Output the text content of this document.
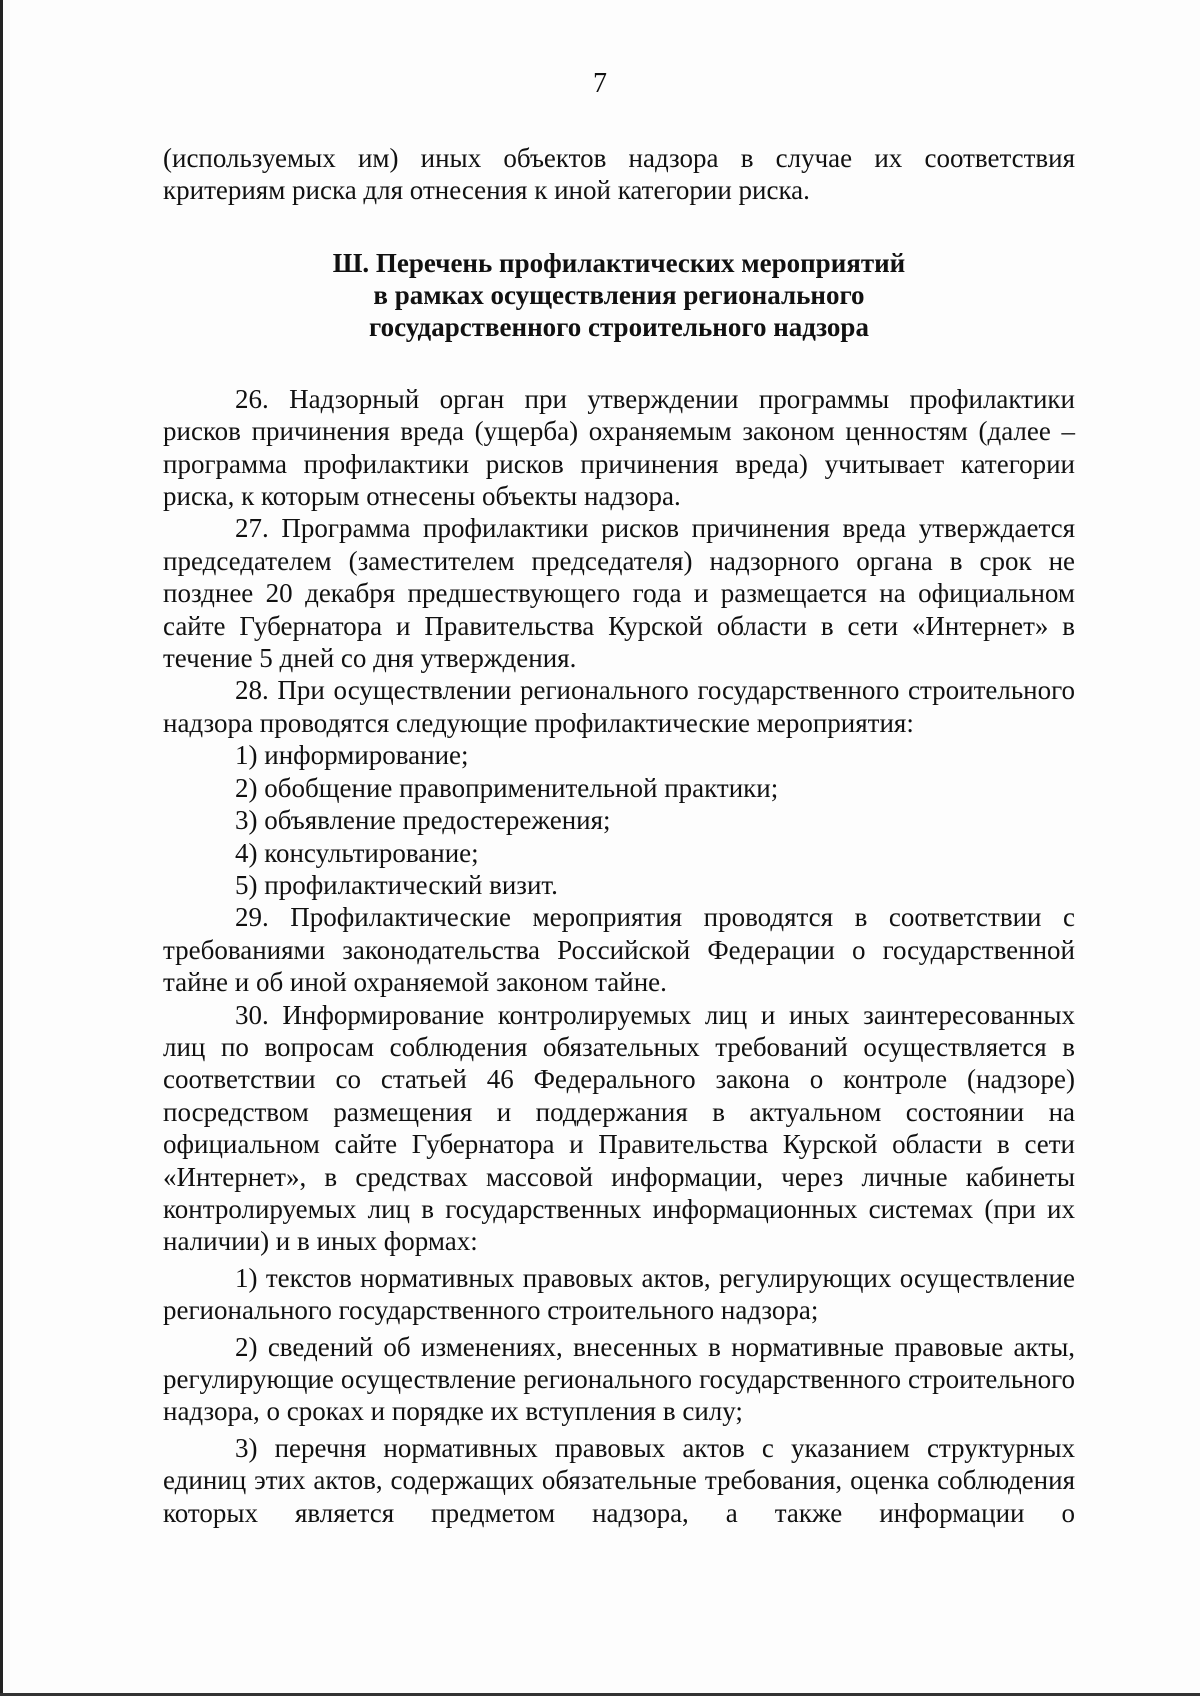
7

(используемых им) иных объектов надзора в случае их соответствия критериям риска для отнесения к иной категории риска.

Ш. Перечень профилактических мероприятий
в рамках осуществления регионального
государственного строительного надзора

26. Надзорный орган при утверждении программы профилактики рисков причинения вреда (ущерба) охраняемым законом ценностям (далее – программа профилактики рисков причинения вреда) учитывает категории риска, к которым отнесены объекты надзора.

27. Программа профилактики рисков причинения вреда утверждается председателем (заместителем председателя) надзорного органа в срок не позднее 20 декабря предшествующего года и размещается на официальном сайте Губернатора и Правительства Курской области в сети «Интернет» в течение 5 дней со дня утверждения.

28. При осуществлении регионального государственного строительного надзора проводятся следующие профилактические мероприятия:

1) информирование;

2) обобщение правоприменительной практики;

3) объявление предостережения;

4) консультирование;

5) профилактический визит.

29. Профилактические мероприятия проводятся в соответствии с требованиями законодательства Российской Федерации о государственной тайне и об иной охраняемой законом тайне.

30. Информирование контролируемых лиц и иных заинтересованных лиц по вопросам соблюдения обязательных требований осуществляется в соответствии со статьей 46 Федерального закона о контроле (надзоре) посредством размещения и поддержания в актуальном состоянии на официальном сайте Губернатора и Правительства Курской области в сети «Интернет», в средствах массовой информации, через личные кабинеты контролируемых лиц в государственных информационных системах (при их наличии) и в иных формах:

1) текстов нормативных правовых актов, регулирующих осуществление регионального государственного строительного надзора;

2) сведений об изменениях, внесенных в нормативные правовые акты, регулирующие осуществление регионального государственного строительного надзора, о сроках и порядке их вступления в силу;

3) перечня нормативных правовых актов с указанием структурных единиц этих актов, содержащих обязательные требования, оценка соблюдения которых является предметом надзора, а также информации о
